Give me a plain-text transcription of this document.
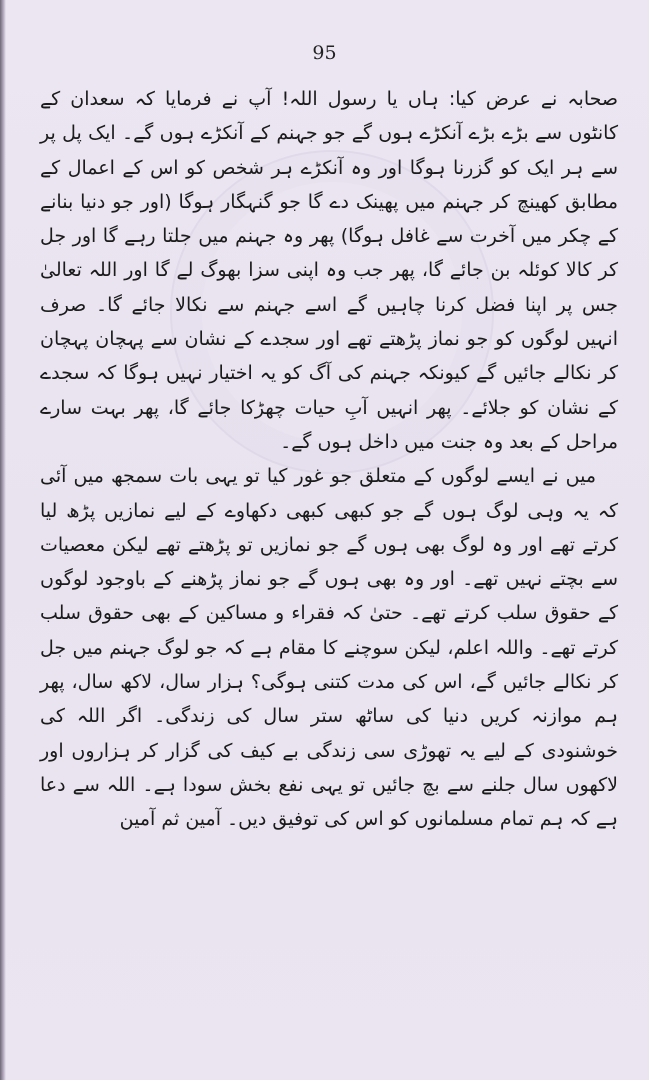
95

صحابہ نے عرض کیا: ہاں یا رسول اللہ! آپ نے فرمایا کہ سعدان کے کانٹوں سے بڑے بڑے آنکڑے ہوں گے جو جہنم کے آنکڑے ہوں گے۔ ایک پل پر سے ہر ایک کو گزرنا ہوگا اور وہ آنکڑے ہر شخص کو اس کے اعمال کے مطابق کھینچ کر جہنم میں پھینک دے گا جو گنہگار ہوگا (اور جو دنیا بنانے کے چکر میں آخرت سے غافل ہوگا) پھر وہ جہنم میں جلتا رہے گا اور جل کر کالا کوئلہ بن جائے گا، پھر جب وہ اپنی سزا بھوگ لے گا اور اللہ تعالیٰ جس پر اپنا فضل کرنا چاہیں گے اسے جہنم سے نکالا جائے گا۔ صرف انہیں لوگوں کو جو نماز پڑھتے تھے اور سجدے کے نشان سے پہچان پہچان کر نکالے جائیں گے کیونکہ جہنم کی آگ کو یہ اختیار نہیں ہوگا کہ سجدے کے نشان کو جلائے۔ پھر انہیں آبِ حیات چھڑکا جائے گا، پھر بہت سارے مراحل کے بعد وہ جنت میں داخل ہوں گے۔

میں نے ایسے لوگوں کے متعلق جو غور کیا تو یہی بات سمجھ میں آئی کہ یہ وہی لوگ ہوں گے جو کبھی کبھی دکھاوے کے لیے نمازیں پڑھ لیا کرتے تھے اور وہ لوگ بھی ہوں گے جو نمازیں تو پڑھتے تھے لیکن معصیات سے بچتے نہیں تھے۔ اور وہ بھی ہوں گے جو نماز پڑھنے کے باوجود لوگوں کے حقوق سلب کرتے تھے۔ حتیٰ کہ فقراء و مساکین کے بھی حقوق سلب کرتے تھے۔ واللہ اعلم، لیکن سوچنے کا مقام ہے کہ جو لوگ جہنم میں جل کر نکالے جائیں گے، اس کی مدت کتنی ہوگی؟ ہزار سال، لاکھ سال، پھر ہم موازنہ کریں دنیا کی ساٹھ ستر سال کی زندگی۔ اگر اللہ کی خوشنودی کے لیے یہ تھوڑی سی زندگی بے کیف کی گزار کر ہزاروں اور لاکھوں سال جلنے سے بچ جائیں تو یہی نفع بخش سودا ہے۔ اللہ سے دعا ہے کہ ہم تمام مسلمانوں کو اس کی توفیق دیں۔ آمین ثم آمین
